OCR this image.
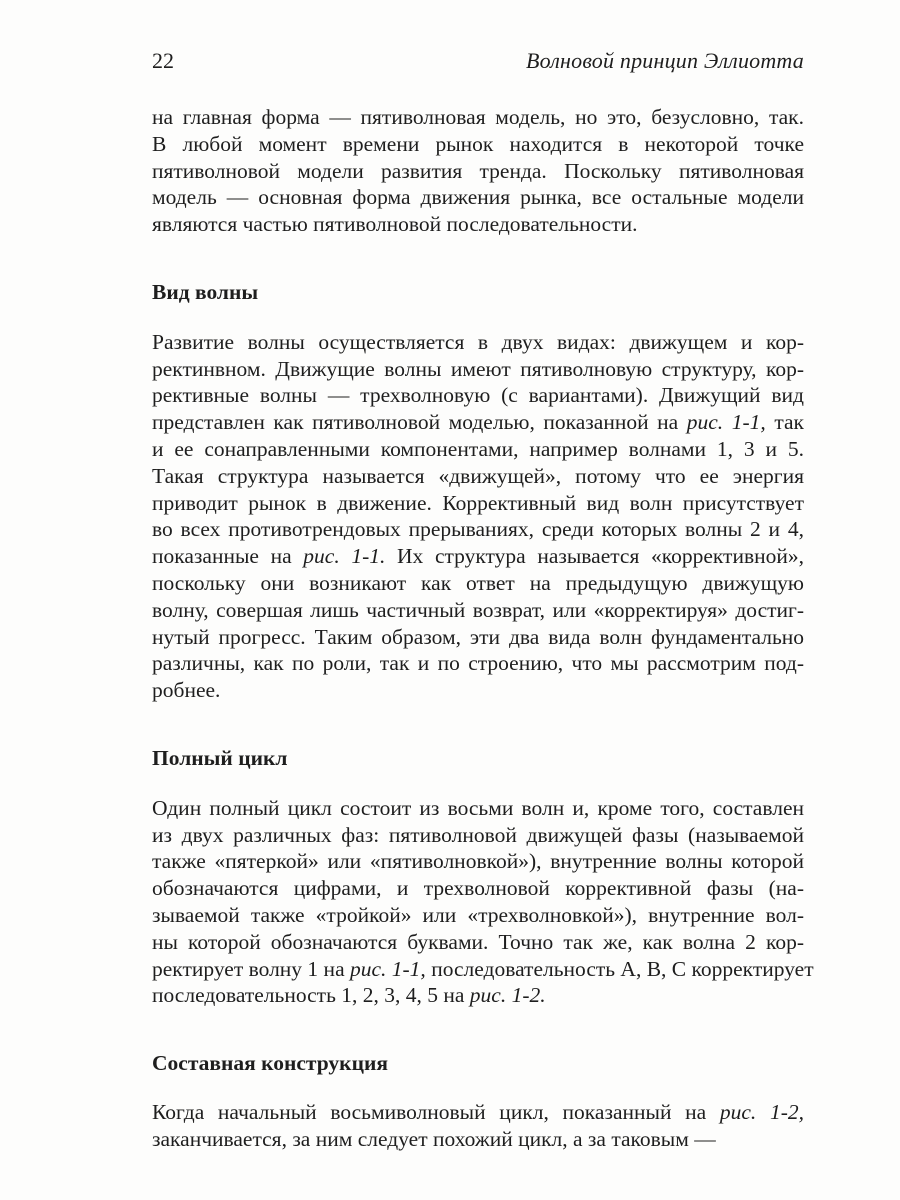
22	Волновой принцип Эллиотта
на главная форма — пятиволновая модель, но это, безусловно, так.
В любой момент времени рынок находится в некоторой точке
пятиволновой модели развития тренда. Поскольку пятиволновая
модель — основная форма движения рынка, все остальные модели
являются частью пятиволновой последовательности.
Вид волны
Развитие волны осуществляется в двух видах: движущем и кор-
ректинвном. Движущие волны имеют пятиволновую структуру, кор-
рективные волны — трехволновую (с вариантами). Движущий вид
представлен как пятиволновой моделью, показанной на рис. 1-1, так
и ее сонаправленными компонентами, например волнами 1, 3 и 5.
Такая структура называется «движущей», потому что ее энергия
приводит рынок в движение. Коррективный вид волн присутствует
во всех противотрендовых прерываниях, среди которых волны 2 и 4,
показанные на рис. 1-1. Их структура называется «коррективной»,
поскольку они возникают как ответ на предыдущую движущую
волну, совершая лишь частичный возврат, или «корректируя» достиг-
нутый прогресс. Таким образом, эти два вида волн фундаментально
различны, как по роли, так и по строению, что мы рассмотрим под-
робнее.
Полный цикл
Один полный цикл состоит из восьми волн и, кроме того, составлен
из двух различных фаз: пятиволновой движущей фазы (называемой
также «пятеркой» или «пятиволновкой»), внутренние волны которой
обозначаются цифрами, и трехволновой коррективной фазы (на-
зываемой также «тройкой» или «трехволновкой»), внутренние вол-
ны которой обозначаются буквами. Точно так же, как волна 2 кор-
ректирует волну 1 на рис. 1-1, последовательность A, B, C корректирует
последовательность 1, 2, 3, 4, 5 на рис. 1-2.
Составная конструкция
Когда начальный восьмиволновый цикл, показанный на рис. 1-2,
заканчивается, за ним следует похожий цикл, а за таковым —
